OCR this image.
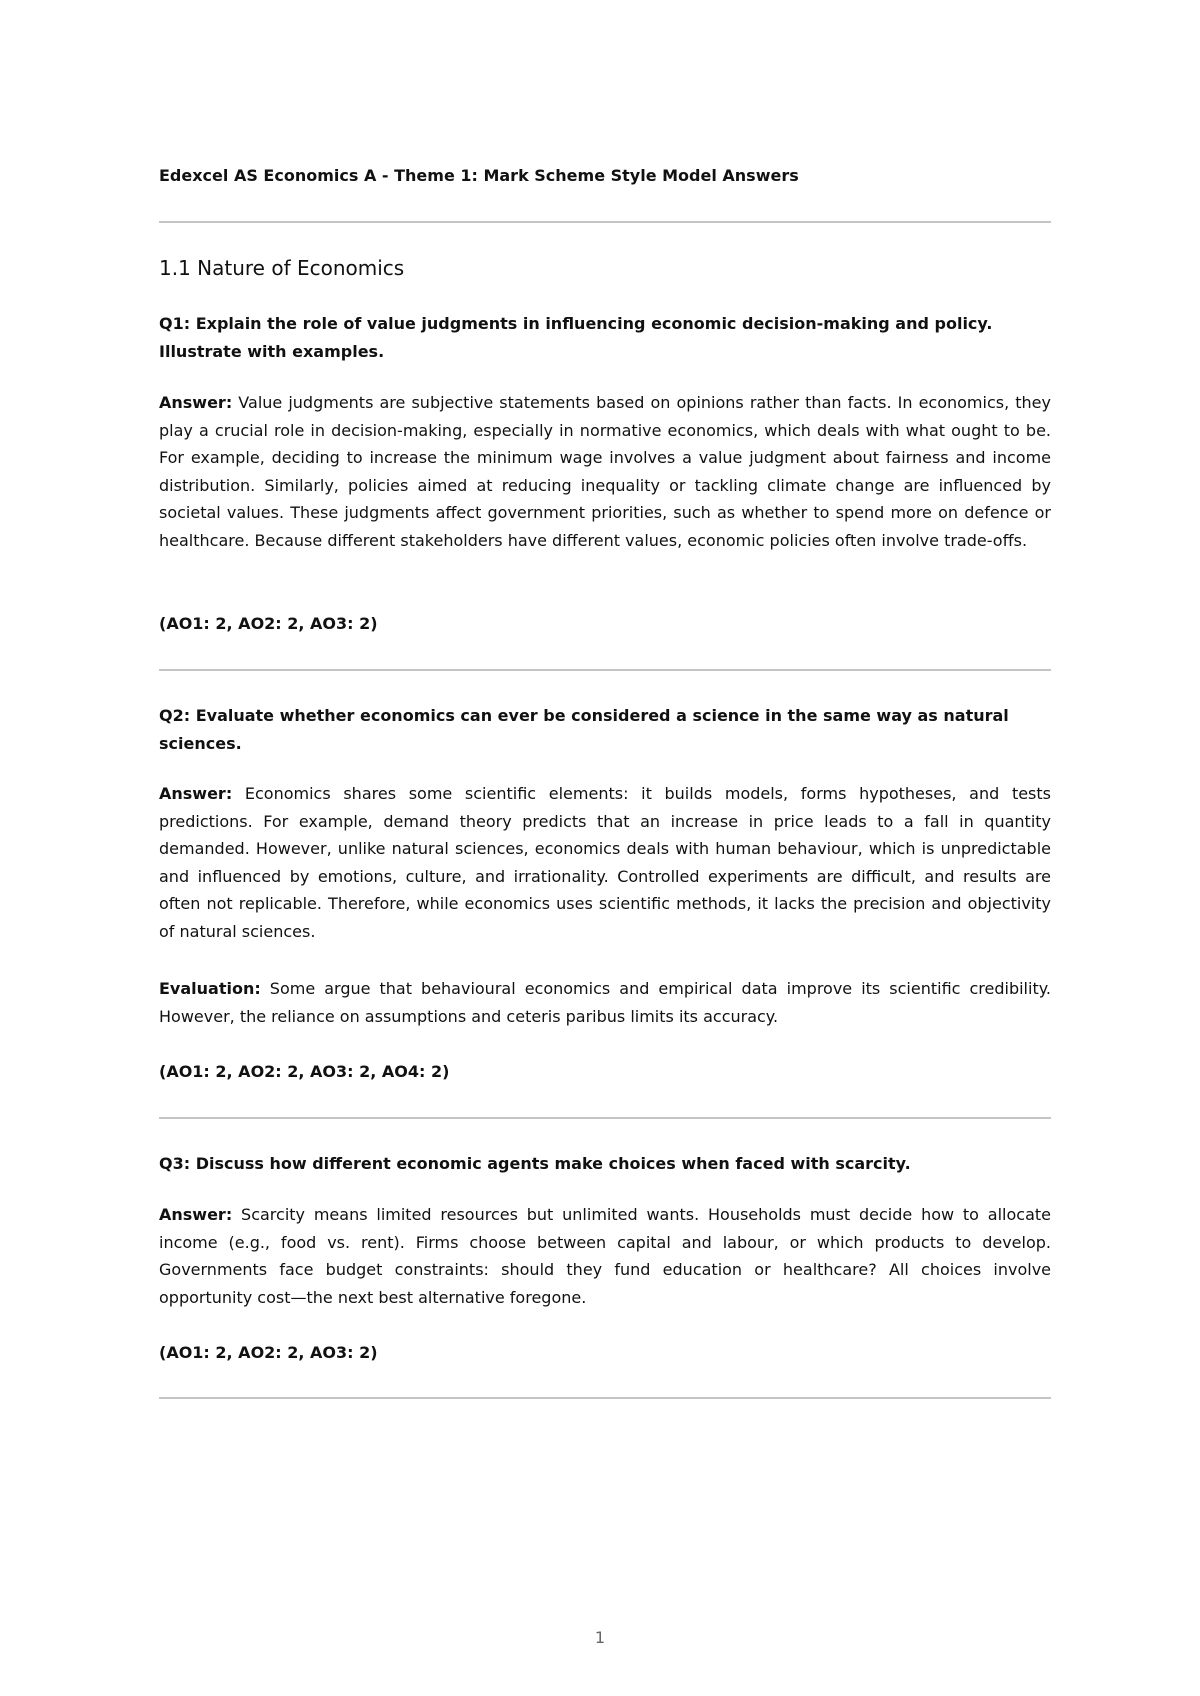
Edexcel AS Economics A - Theme 1: Mark Scheme Style Model Answers
1.1 Nature of Economics
Q1: Explain the role of value judgments in influencing economic decision-making and policy. Illustrate with examples.
Answer: Value judgments are subjective statements based on opinions rather than facts. In economics, they play a crucial role in decision-making, especially in normative economics, which deals with what ought to be. For example, deciding to increase the minimum wage involves a value judgment about fairness and income distribution. Similarly, policies aimed at reducing inequality or tackling climate change are influenced by societal values. These judgments affect government priorities, such as whether to spend more on defence or healthcare. Because different stakeholders have different values, economic policies often involve trade-offs.
(AO1: 2, AO2: 2, AO3: 2)
Q2: Evaluate whether economics can ever be considered a science in the same way as natural sciences.
Answer: Economics shares some scientific elements: it builds models, forms hypotheses, and tests predictions. For example, demand theory predicts that an increase in price leads to a fall in quantity demanded. However, unlike natural sciences, economics deals with human behaviour, which is unpredictable and influenced by emotions, culture, and irrationality. Controlled experiments are difficult, and results are often not replicable. Therefore, while economics uses scientific methods, it lacks the precision and objectivity of natural sciences.
Evaluation: Some argue that behavioural economics and empirical data improve its scientific credibility. However, the reliance on assumptions and ceteris paribus limits its accuracy.
(AO1: 2, AO2: 2, AO3: 2, AO4: 2)
Q3: Discuss how different economic agents make choices when faced with scarcity.
Answer: Scarcity means limited resources but unlimited wants. Households must decide how to allocate income (e.g., food vs. rent). Firms choose between capital and labour, or which products to develop. Governments face budget constraints: should they fund education or healthcare? All choices involve opportunity cost—the next best alternative foregone.
(AO1: 2, AO2: 2, AO3: 2)
1
